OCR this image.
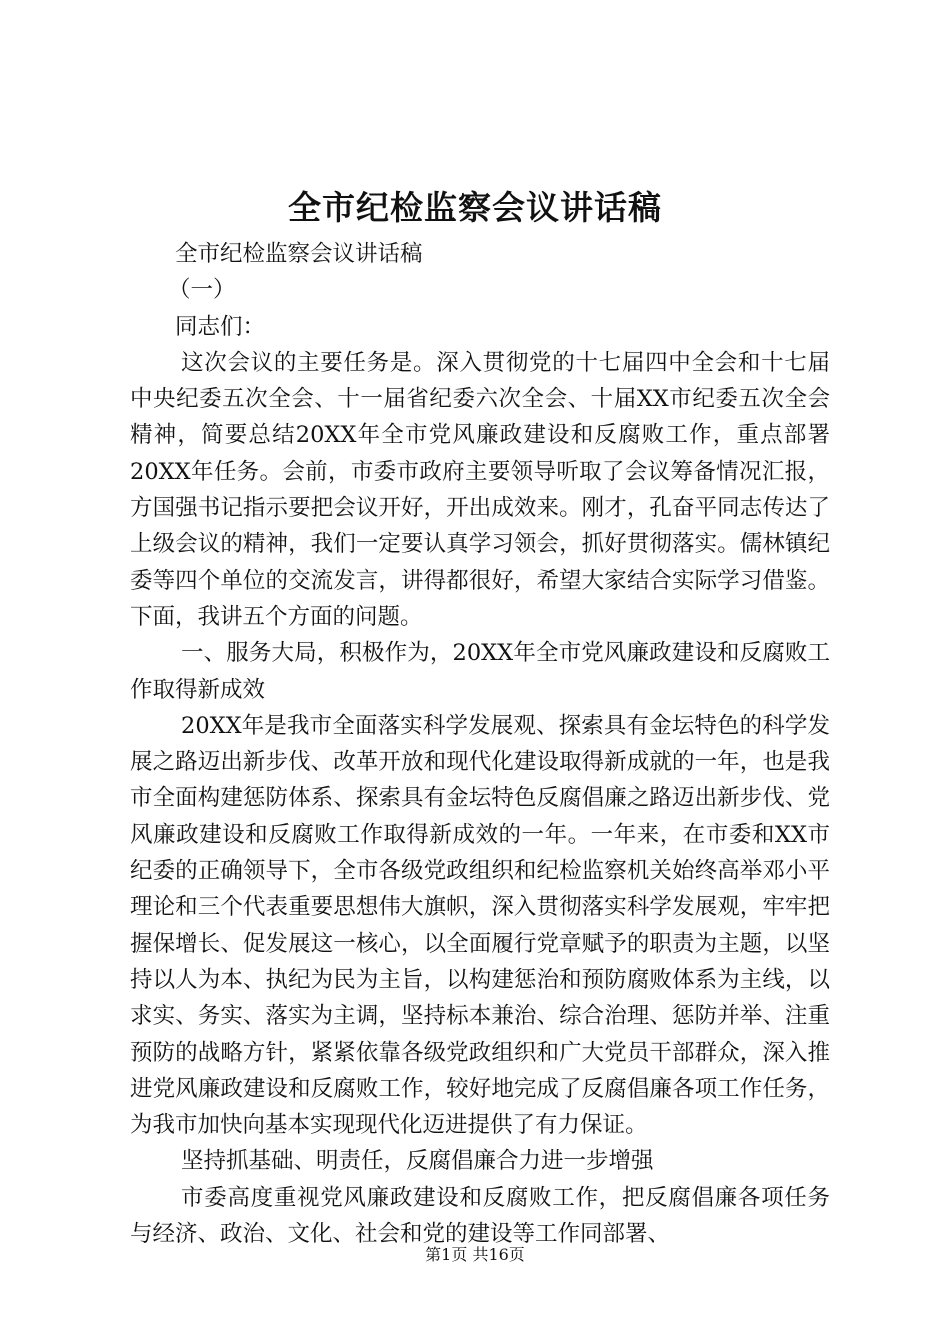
全市纪检监察会议讲话稿

全市纪检监察会议讲话稿

（一）

同志们：

这次会议的主要任务是。深入贯彻党的十七届四中全会和十七届中央纪委五次全会、十一届省纪委六次全会、十届XX市纪委五次全会精神，简要总结20XX年全市党风廉政建设和反腐败工作，重点部署20XX年任务。会前，市委市政府主要领导听取了会议筹备情况汇报，方国强书记指示要把会议开好，开出成效来。刚才，孔奋平同志传达了上级会议的精神，我们一定要认真学习领会，抓好贯彻落实。儒林镇纪委等四个单位的交流发言，讲得都很好，希望大家结合实际学习借鉴。下面，我讲五个方面的问题。

一、服务大局，积极作为，20XX年全市党风廉政建设和反腐败工作取得新成效

20XX年是我市全面落实科学发展观、探索具有金坛特色的科学发展之路迈出新步伐、改革开放和现代化建设取得新成就的一年，也是我市全面构建惩防体系、探索具有金坛特色反腐倡廉之路迈出新步伐、党风廉政建设和反腐败工作取得新成效的一年。一年来，在市委和XX市纪委的正确领导下，全市各级党政组织和纪检监察机关始终高举邓小平理论和三个代表重要思想伟大旗帜，深入贯彻落实科学发展观，牢牢把握保增长、促发展这一核心，以全面履行党章赋予的职责为主题，以坚持以人为本、执纪为民为主旨，以构建惩治和预防腐败体系为主线，以求实、务实、落实为主调，坚持标本兼治、综合治理、惩防并举、注重预防的战略方针，紧紧依靠各级党政组织和广大党员干部群众，深入推进党风廉政建设和反腐败工作，较好地完成了反腐倡廉各项工作任务，为我市加快向基本实现现代化迈进提供了有力保证。

坚持抓基础、明责任，反腐倡廉合力进一步增强

市委高度重视党风廉政建设和反腐败工作，把反腐倡廉各项任务与经济、政治、文化、社会和党的建设等工作同部署、

第1页 共16页
